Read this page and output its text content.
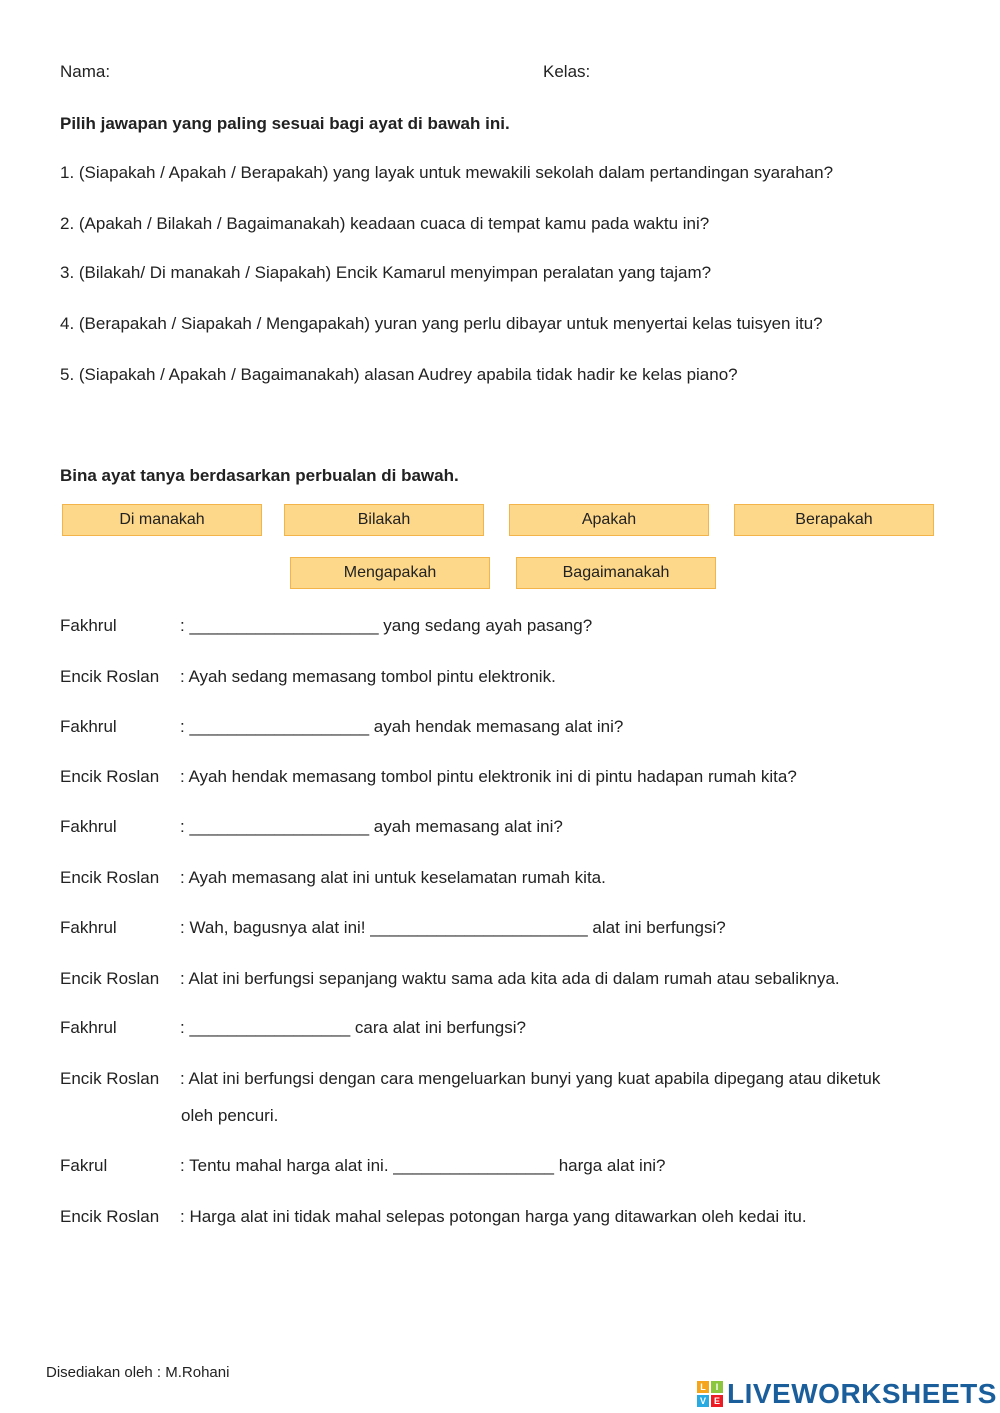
Nama:	Kelas:
Pilih jawapan yang paling sesuai bagi ayat di bawah ini.
1. (Siapakah / Apakah / Berapakah) yang layak untuk mewakili sekolah dalam pertandingan syarahan?
2. (Apakah / Bilakah / Bagaimanakah) keadaan cuaca di tempat kamu pada waktu ini?
3. (Bilakah/ Di manakah / Siapakah) Encik Kamarul menyimpan peralatan yang tajam?
4. (Berapakah / Siapakah / Mengapakah) yuran yang perlu dibayar untuk menyertai kelas tuisyen itu?
5. (Siapakah / Apakah / Bagaimanakah) alasan Audrey apabila tidak hadir ke kelas piano?
Bina ayat tanya berdasarkan perbualan di bawah.
Di manakah	Bilakah	Apakah	Berapakah
Mengapakah	Bagaimanakah
Fakhrul	: ____________________ yang sedang ayah pasang?
Encik Roslan : Ayah sedang memasang tombol pintu elektronik.
Fakhrul	: ___________________ ayah hendak memasang alat ini?
Encik Roslan : Ayah hendak memasang tombol pintu elektronik ini di pintu hadapan rumah kita?
Fakhrul	: ___________________ ayah memasang alat ini?
Encik Roslan : Ayah memasang alat ini untuk keselamatan rumah kita.
Fakhrul	: Wah, bagusnya alat ini! _______________________ alat ini berfungsi?
Encik Roslan : Alat ini berfungsi sepanjang waktu sama ada kita ada di dalam rumah atau sebaliknya.
Fakhrul	: _________________ cara alat ini berfungsi?
Encik Roslan : Alat ini berfungsi dengan cara mengeluarkan bunyi yang kuat apabila dipegang atau diketuk
oleh pencuri.
Fakrul	: Tentu mahal harga alat ini. _________________ harga alat ini?
Encik Roslan : Harga alat ini tidak mahal selepas potongan harga yang ditawarkan oleh kedai itu.
Disediakan oleh : M.Rohani
L	I
V E LIVEWORKSHEETS
